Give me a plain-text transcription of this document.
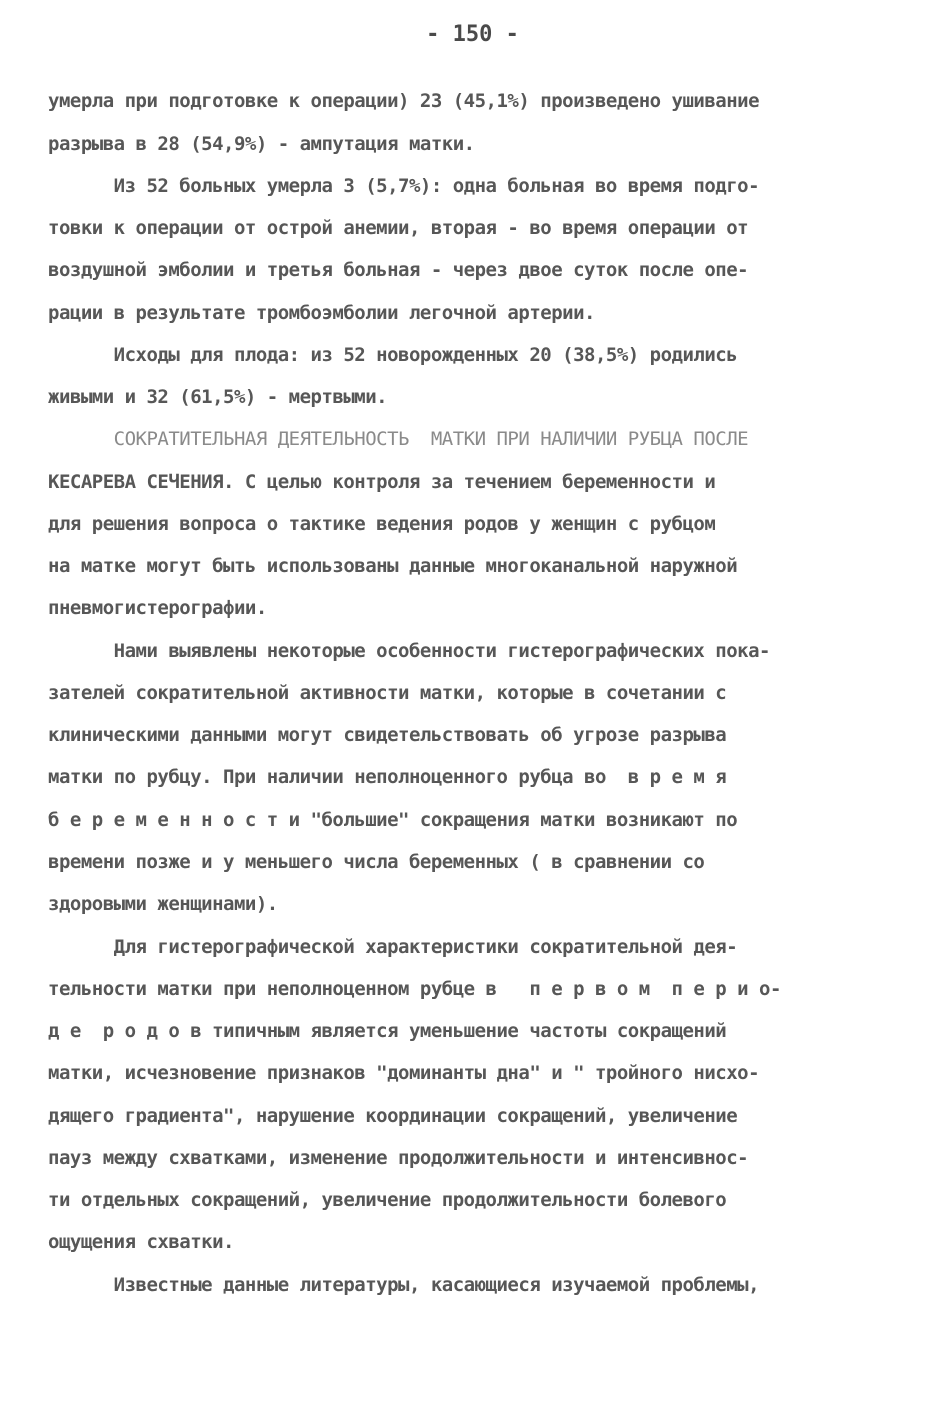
- 150 -
умерла при подготовке к операции) 23 (45,1%) произведено ушивание
разрыва в 28 (54,9%) - ампутация матки.
Из 52 больных умерла 3 (5,7%): одна больная во время подго-
товки к операции от острой анемии, вторая - во время операции от
воздушной эмболии и третья больная - через двое суток после опе-
рации в результате тромбоэмболии легочной артерии.
Исходы для плода: из 52 новорожденных 20 (38,5%) родились
живыми и 32 (61,5%) - мертвыми.
СОКРАТИТЕЛЬНАЯ ДЕЯТЕЛЬНОСТЬ  МАТКИ ПРИ НАЛИЧИИ РУБЦА ПОСЛЕ
КЕСАРЕВА СЕЧЕНИЯ. С целью контроля за течением беременности и
для решения вопроса о тактике ведения родов у женщин с рубцом
на матке могут быть использованы данные многоканальной наружной
пневмогистерографии.
Нами выявлены некоторые особенности гистерографических пока-
зателей сократительной активности матки, которые в сочетании с
клиническими данными могут свидетельствовать об угрозе разрыва
матки по рубцу. При наличии неполноценного рубца во  в р е м я
б е р е м е н н о с т и "большие" сокращения матки возникают по
времени позже и у меньшего числа беременных ( в сравнении со
здоровыми женщинами).
Для гистерографической характеристики сократительной дея-
тельности матки при неполноценном рубце в   п е р в о м  п е р и о-
д е  р о д о в типичным является уменьшение частоты сокращений
матки, исчезновение признаков "доминанты дна" и " тройного нисхо-
дящего градиента", нарушение координации сокращений, увеличение
пауз между схватками, изменение продолжительности и интенсивнос-
ти отдельных сокращений, увеличение продолжительности болевого
ощущения схватки.
Известные данные литературы, касающиеся изучаемой проблемы,
